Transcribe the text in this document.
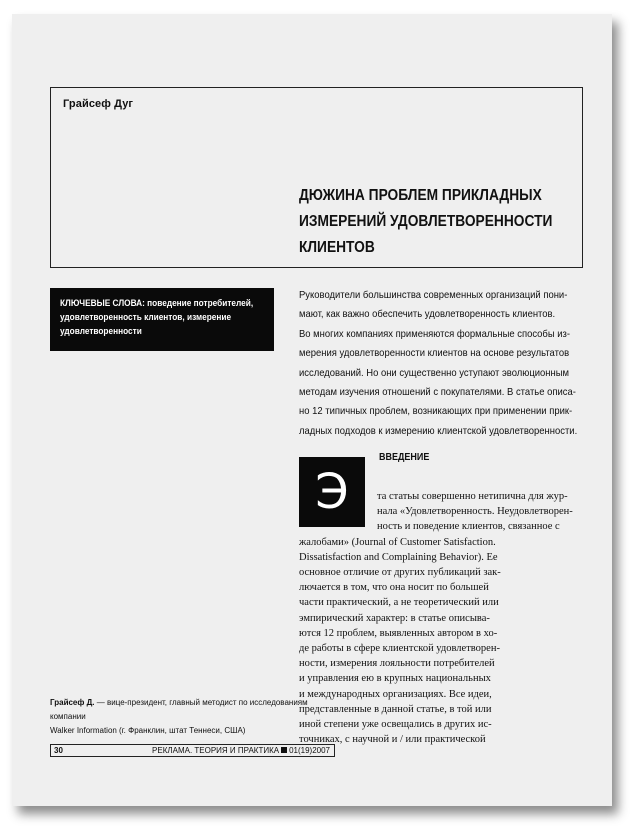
Грайсеф Дуг
ДЮЖИНА ПРОБЛЕМ ПРИКЛАДНЫХ
ИЗМЕРЕНИЙ УДОВЛЕТВОРЕННОСТИ
КЛИЕНТОВ
КЛЮЧЕВЫЕ СЛОВА: поведение потребителей,
удовлетворенность клиентов, измерение
удовлетворенности
Руководители большинства современных организаций пони-
мают, как важно обеспечить удовлетворенность клиентов.
Во многих компаниях применяются формальные способы из-
мерения удовлетворенности клиентов на основе результатов
исследований. Но они существенно уступают эволюционным
методам изучения отношений с покупателями. В статье описа-
но 12 типичных проблем, возникающих при применении прик-
ладных подходов к измерению клиентской удовлетворенности.
Э
ВВЕДЕНИЕ
та статьы совершенно нетипична для жур-
нала «Удовлетворенность. Неудовлетворен-
ность и поведение клиентов, связанное с
жалобами» (Journal of Customer Satisfaction.
Dissatisfaction and Complaining Behavior). Ее
основное отличие от других публикаций зак-
лючается в том, что она носит по большей
части практический, а не теоретический или
эмпирический характер: в статье описыва-
ются 12 проблем, выявленных автором в хо-
де работы в сфере клиентской удовлетворен-
ности, измерения лояльности потребителей
и управления ею в крупных национальных
и международных организациях. Все идеи,
представленные в данной статье, в той или
иной степени уже освещались в других ис-
точниках, с научной и / или практической
Грайсеф Д. — вице-президент, главный методист по исследованиям компании
Walker Information (г. Франклин, штат Теннеси, США)
30	РЕКЛАМА. ТЕОРИЯ И ПРАКТИКА 01(19)2007
